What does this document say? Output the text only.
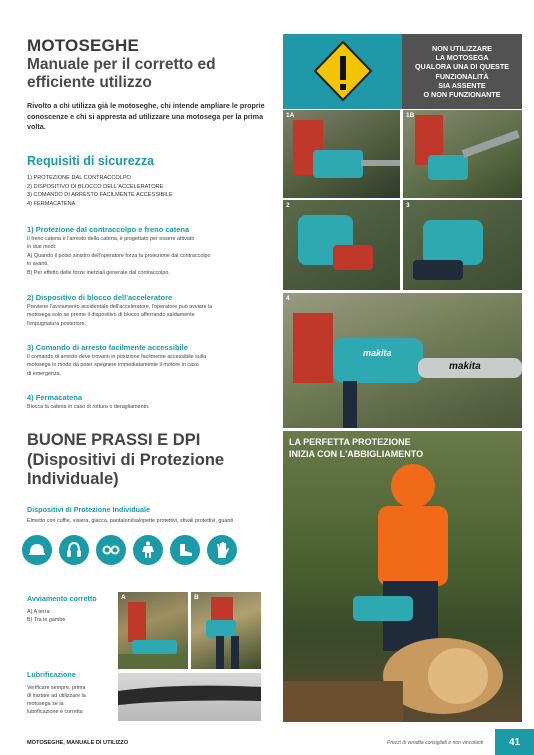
MOTOSEGHE
Manuale per il corretto ed efficiente utilizzo
Rivolto a chi utilizza già le motoseghe, chi intende ampliare le proprie conoscenze e chi si appresta ad utilizzare una motosega per la prima volta.
Requisiti di sicurezza
1) PROTEZIONE DAL CONTRACCOLPO
2) DISPOSITIVO DI BLOCCO DELL'ACCELERATORE
3) COMANDO DI ARRESTO FACILMENTE ACCESSIBILE
4) FERMACATENA
1) Protezione dal contraccolpo e freno catena
Il freno catena è l'arresto della catena, è progettato per essere attivato
in due modi:
A) Quando il polso sinistro dell'operatore forza la protezione dal contraccolpo
in avanti.
B) Per effetto delle forze inerziali generate dal contraccolpo.
2) Dispositivo di blocco dell'acceleratore
Previene l'avviamento accidentale dell'acceleratore, l'operatore può avviare la
motosega solo se preme il dispositivo di blocco afferrando saldamente
l'impugnatura posteriore.
3) Comando di arresto facilmente accessibile
Il comando di arresto deve trovarsi in posizione facilmente accessibile sulla
motosega in modo da poter spegnere immediatamente il motore in caso
di emergenza.
4) Fermacatena
Blocca la catena in caso di rottura o deragliamento.
BUONE PRASSI E DPI (Dispositivi di Protezione Individuale)
Dispositivi di Protezione Individuale
Elmetto con cuffie, visiera, giacca, pantaloni/salopette protettivi, stivali protettivi, guanti
Avviamento corretto
A) A terra
B) Tra le gambe
A	B
Lubrificazione
Verificare sempre, prima
di iniziare ad utilizzare la
motosega se la
lubrificazione è corretta
NON UTILIZZARE
LA MOTOSEGA
QUALORA UNA DI QUESTE
FUNZIONALITÀ
SIA ASSENTE
O NON FUNZIONANTE
1A	1B
2	3
makita
makita
4
LA PERFETTA PROTEZIONE
INIZIA CON L'ABBIGLIAMENTO
MOTOSEGHE, MANUALE DI UTILIZZO	Prezzi di vendita consigliati e non vincolanti	41
